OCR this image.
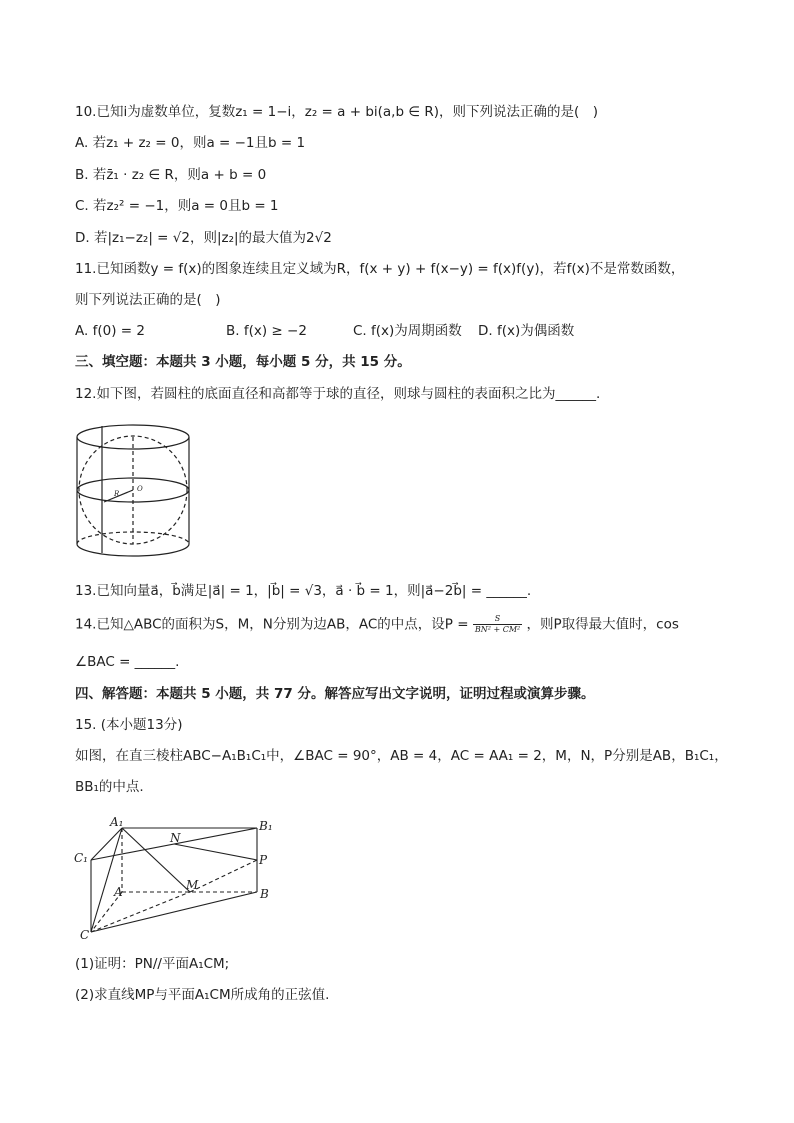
10.已知i为虚数单位，复数z₁ = 1−i，z₂ = a + bi(a,b ∈ R)，则下列说法正确的是(　)
A. 若z₁ + z₂ = 0，则a = −1且b = 1
B. 若z̄₁ · z₂ ∈ R，则a + b = 0
C. 若z₂² = −1，则a = 0且b = 1
D. 若|z₁−z₂| = √2，则|z₂|的最大值为2√2
11.已知函数y = f(x)的图象连续且定义域为R，f(x + y) + f(x−y) = f(x)f(y)，若f(x)不是常数函数，
则下列说法正确的是(　)
A. f(0) = 2	B. f(x) ≥ −2	C. f(x)为周期函数 D. f(x)为偶函数
三、填空题：本题共 3 小题，每小题 5 分，共 15 分。
12.如下图，若圆柱的底面直径和高都等于球的直径，则球与圆柱的表面积之比为______.
R
O
13.已知向量a⃗，b⃗满足|a⃗| = 1，|b⃗| = √3，a⃗ · b⃗ = 1，则|a⃗−2b⃗| = ______.
14.已知△ABC的面积为S，M，N分别为边AB，AC的中点，设$P = \frac{S}{\text{BN² + CM²}}$ ，则P取得最大值时，cos
∠BAC = ______.
四、解答题：本题共 5 小题，共 77 分。解答应写出文字说明，证明过程或演算步骤。
15. (本小题13分)
如图，在直三棱柱ABC−A₁B₁C₁中，∠BAC = 90°，AB = 4，AC = AA₁ = 2，M，N，P分别是AB，B₁C₁，
BB₁的中点.
A₁	B₁
C₁
A	B
C
M
N
P
(1)证明：PN//平面A₁CM;
(2)求直线MP与平面A₁CM所成角的正弦值.
